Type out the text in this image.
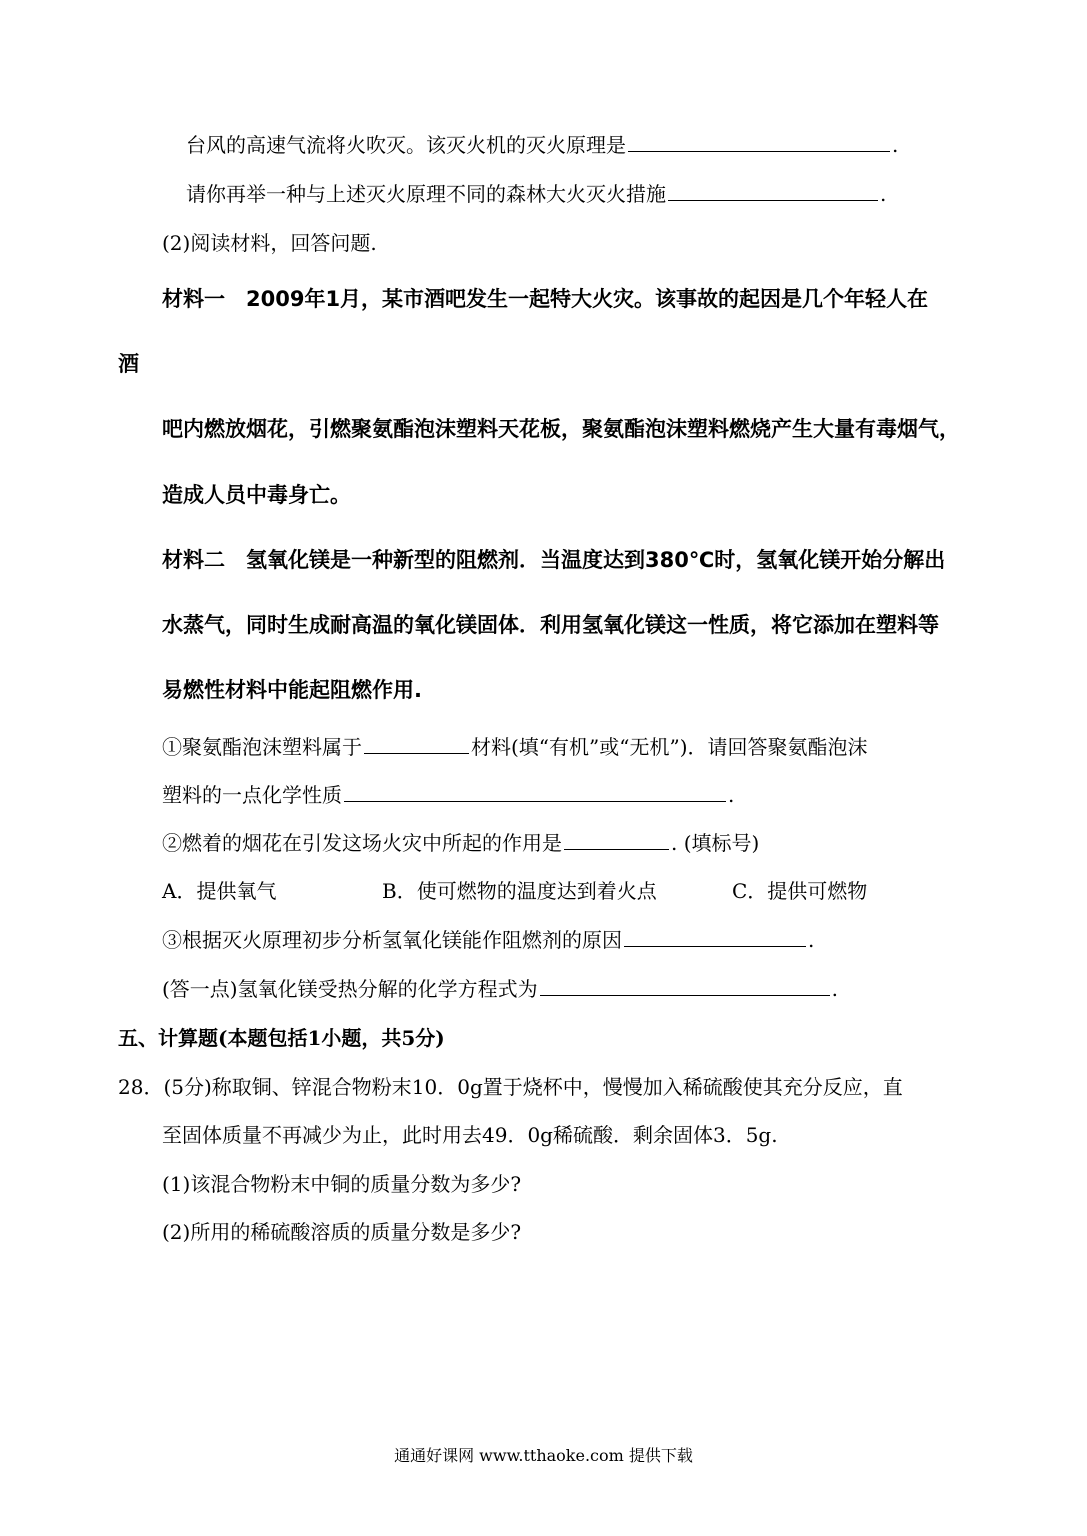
台风的高速气流将火吹灭。该灭火机的灭火原理是	.
请你再举一种与上述灭火原理不同的森林大火灭火措施	.
(2)阅读材料，回答问题.
材料一　2009年1月，某市酒吧发生一起特大火灾。该事故的起因是几个年轻人在
酒
吧内燃放烟花，引燃聚氨酯泡沫塑料天花板，聚氨酯泡沫塑料燃烧产生大量有毒烟气，
造成人员中毒身亡。
材料二　氢氧化镁是一种新型的阻燃剂．当温度达到380℃时，氢氧化镁开始分解出
水蒸气，同时生成耐高温的氧化镁固体．利用氢氧化镁这一性质，将它添加在塑料等
易燃性材料中能起阻燃作用.
①聚氨酯泡沫塑料属于	材料(填“有机”或“无机”)．请回答聚氨酯泡沫
塑料的一点化学性质	.
②燃着的烟花在引发这场火灾中所起的作用是	. (填标号)
A．提供氧气	B．使可燃物的温度达到着火点	C．提供可燃物
③根据灭火原理初步分析氢氧化镁能作阻燃剂的原因	.
(答一点)氢氧化镁受热分解的化学方程式为	.
五、计算题(本题包括1小题，共5分)
28．(5分)称取铜、锌混合物粉末10．0g置于烧杯中，慢慢加入稀硫酸使其充分反应，直
至固体质量不再减少为止，此时用去49．0g稀硫酸．剩余固体3．5g.
(1)该混合物粉末中铜的质量分数为多少?
(2)所用的稀硫酸溶质的质量分数是多少?
通通好课网 www.tthaoke.com 提供下载
